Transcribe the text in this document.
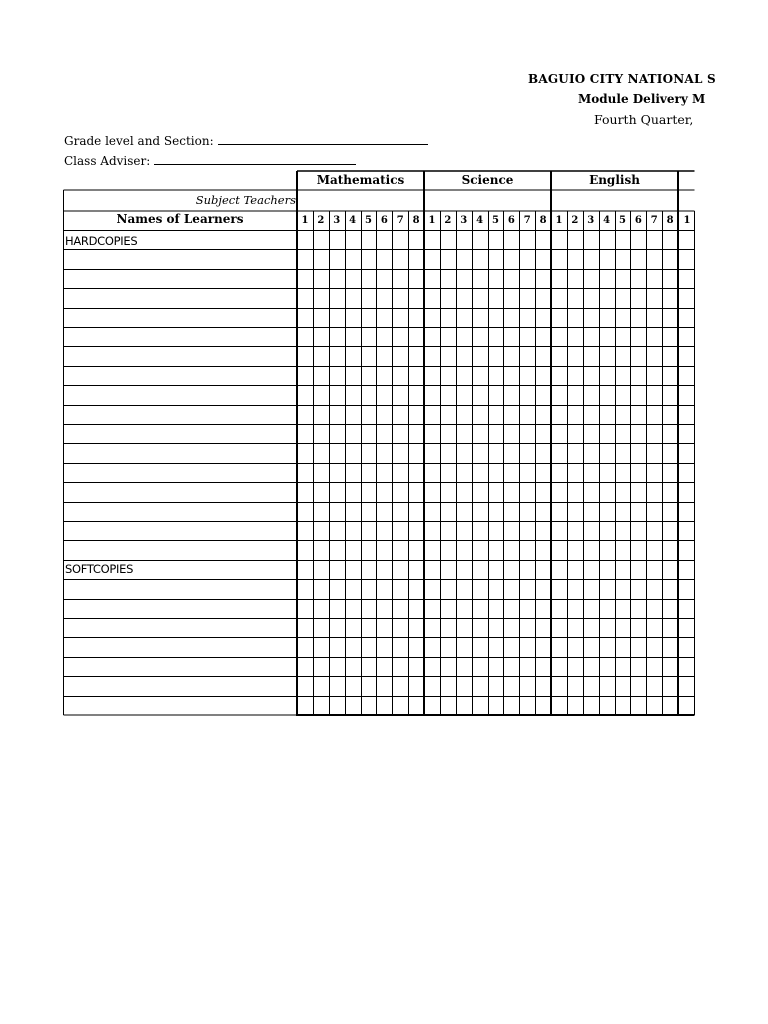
BAGUIO CITY NATIONAL S
Module Delivery M
Fourth Quarter,
Grade level and Section:
Class Adviser:
Subject Teachers
Names of Learners
Mathematics	Science	English
1 2 3 4 5 6 7 8 1 2 3 4 5 6 7 8 1 2 3 4 5 6 7 8 1
HARDCOPIES
SOFTCOPIES
